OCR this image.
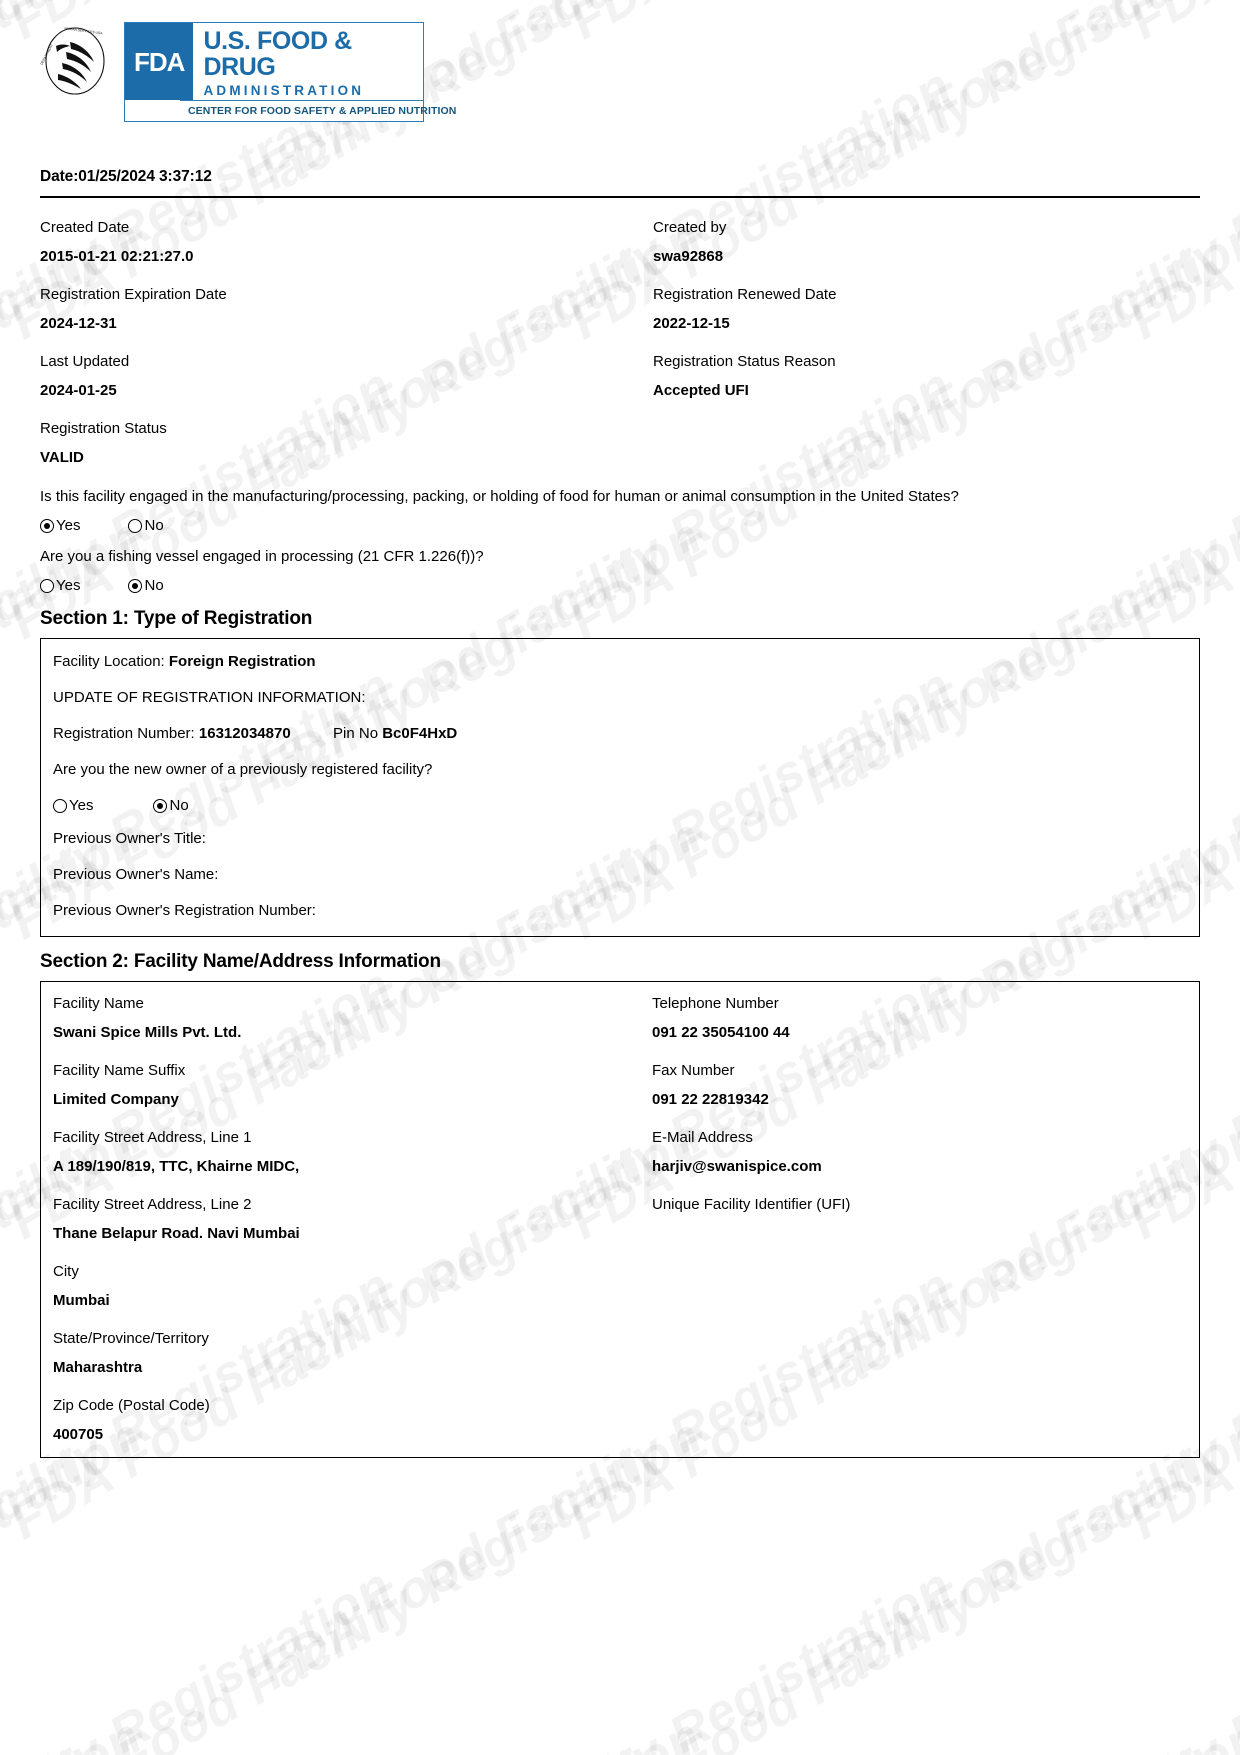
DEPARTMENT
HUMAN SERVICES USA
FDA
U.S. FOOD & DRUG
ADMINISTRATION
CENTER FOR FOOD SAFETY & APPLIED NUTRITION
Date:01/25/2024 3:37:12
Created Date
2015-01-21 02:21:27.0
Created by
swa92868
Registration Expiration Date
2024-12-31
Registration Renewed Date
2022-12-15
Last Updated
2024-01-25
Registration Status Reason
Accepted UFI
Registration Status
VALID
Is this facility engaged in the manufacturing/processing, packing, or holding of food for human or animal consumption in the United States?
Yes	No
Are you a fishing vessel engaged in processing (21 CFR 1.226(f))?
Yes	No
Section 1: Type of Registration
Facility Location: Foreign Registration
UPDATE OF REGISTRATION INFORMATION:
Registration Number: 16312034870	Pin No Bc0F4HxD
Are you the new owner of a previously registered facility?
Yes	No
Previous Owner's Title:
Previous Owner's Name:
Previous Owner's Registration Number:
Section 2: Facility Name/Address Information
Facility Name
Swani Spice Mills Pvt. Ltd.
Facility Name Suffix
Limited Company
Facility Street Address, Line 1
A 189/190/819, TTC, Khairne MIDC,
Facility Street Address, Line 2
Thane Belapur Road. Navi Mumbai
City
Mumbai
State/Province/Territory
Maharashtra
Zip Code (Postal Code)
400705
Telephone Number
091 22 35054100 44
Fax Number
091 22 22819342
E-Mail Address
harjiv@swanispice.com
Unique Facility Identifier (UFI)
